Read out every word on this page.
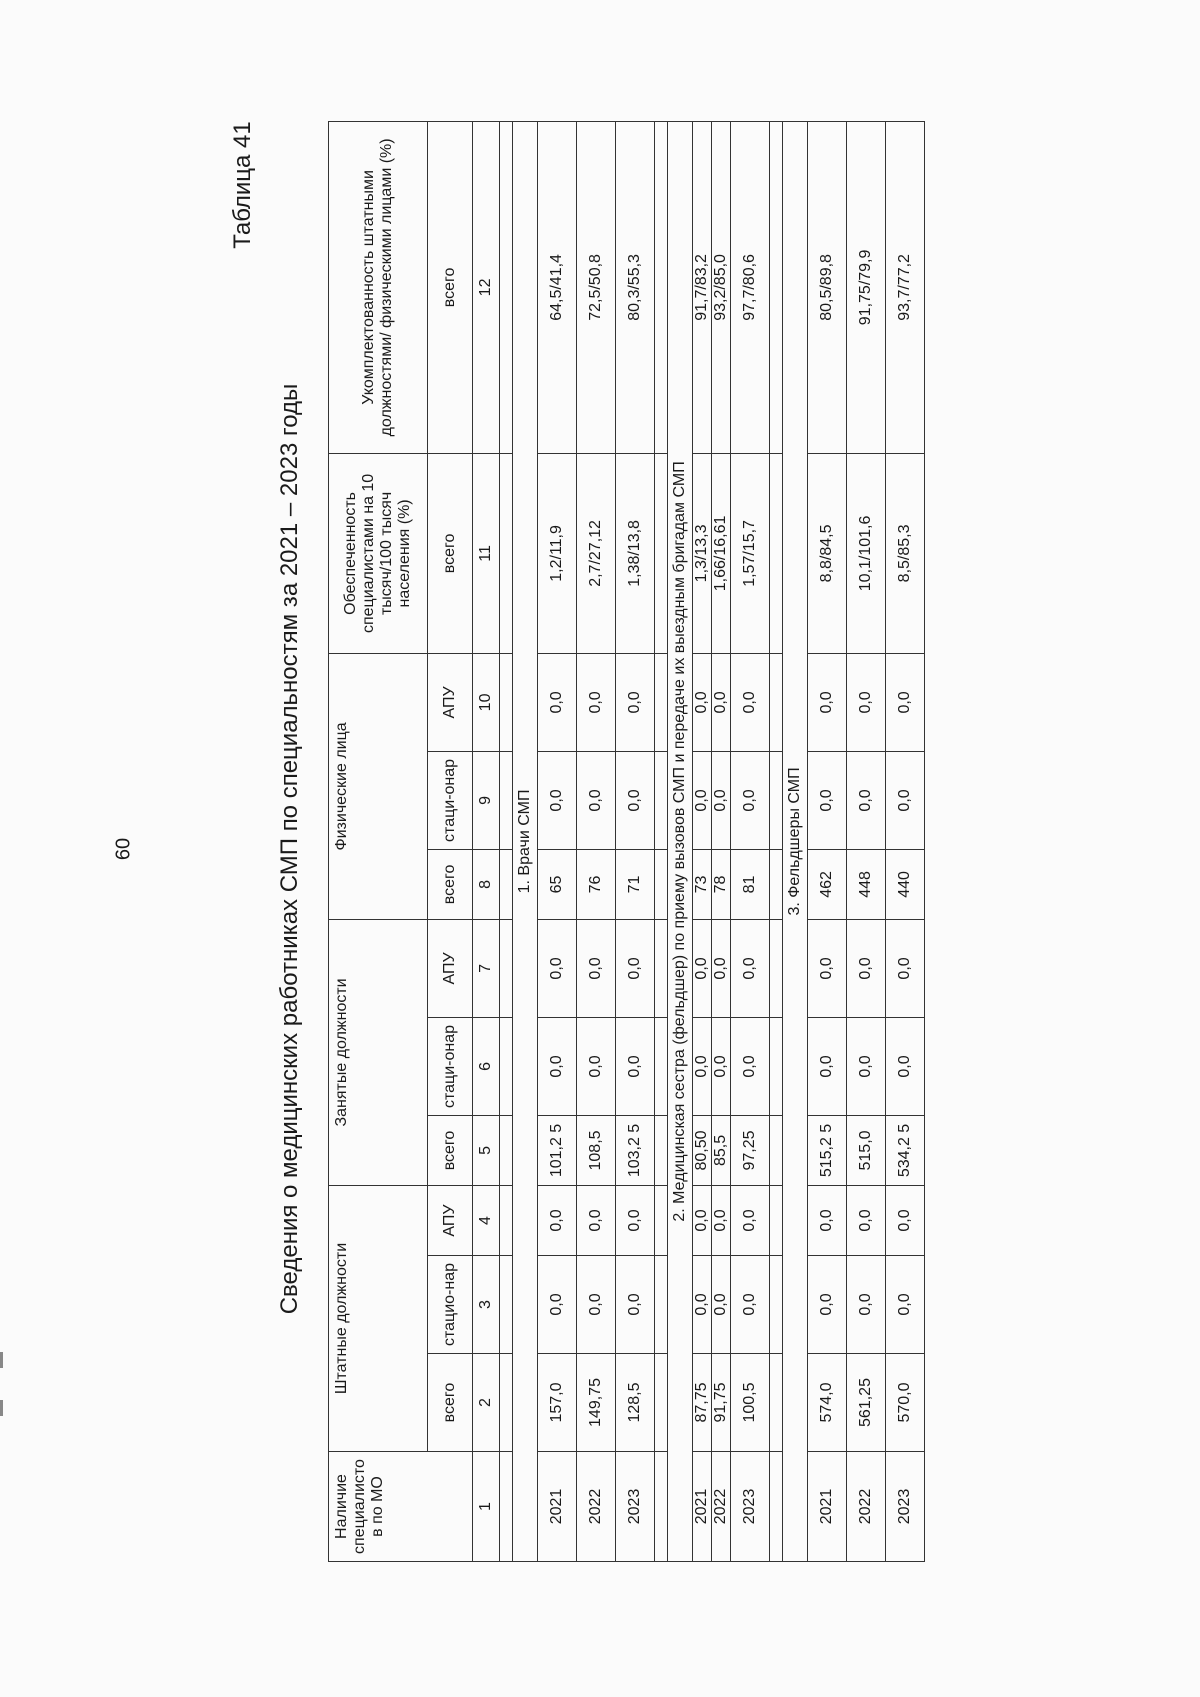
60
Таблица 41
Сведения о медицинских работниках СМП по специальностям за 2021 – 2023 годы
Наличие специалистов по МО	Штатные должности			Занятые должности			Физические лица			Обеспеченность специалистами на 10 тысяч/100 тысяч населения (%)	Укомплектованность штатными должностями/ физическими лицами (%)
	всего	стацио-нар	АПУ	всего	стаци-онар	АПУ	всего	стаци-онар	АПУ	всего	всего
1	2	3	4	5	6	7	8	9	10	11	12

1. Врачи СМП											
2021	157,0	0,0	0,0	101,2 5	0,0	0,0	65	0,0	0,0	1,2/11,9	64,5/41,4
2022	149,75	0,0	0,0	108,5	0,0	0,0	76	0,0	0,0	2,7/27,12	72,5/50,8
2023	128,5	0,0	0,0	103,2 5	0,0	0,0	71	0,0	0,0	1,38/13,8	80,3/55,3

2. Медицинская сестра (фельдшер) по приему вызовов СМП и передаче их выездным бригадам СМП											
2021	87,75	0,0	0,0	80,50	0,0	0,0	73	0,0	0,0	1,3/13,3	91,7/83,2
2022	91,75	0,0	0,0	85,5	0,0	0,0	78	0,0	0,0	1,66/16,61	93,2/85,0
2023	100,5	0,0	0,0	97,25	0,0	0,0	81	0,0	0,0	1,57/15,7	97,7/80,6

3. Фельдшеры СМП											
2021	574,0	0,0	0,0	515,2 5	0,0	0,0	462	0,0	0,0	8,8/84,5	80,5/89,8
2022	561,25	0,0	0,0	515,0	0,0	0,0	448	0,0	0,0	10,1/101,6	91,75/79,9
2023	570,0	0,0	0,0	534,2 5	0,0	0,0	440	0,0	0,0	8,5/85,3	93,7/77,2
